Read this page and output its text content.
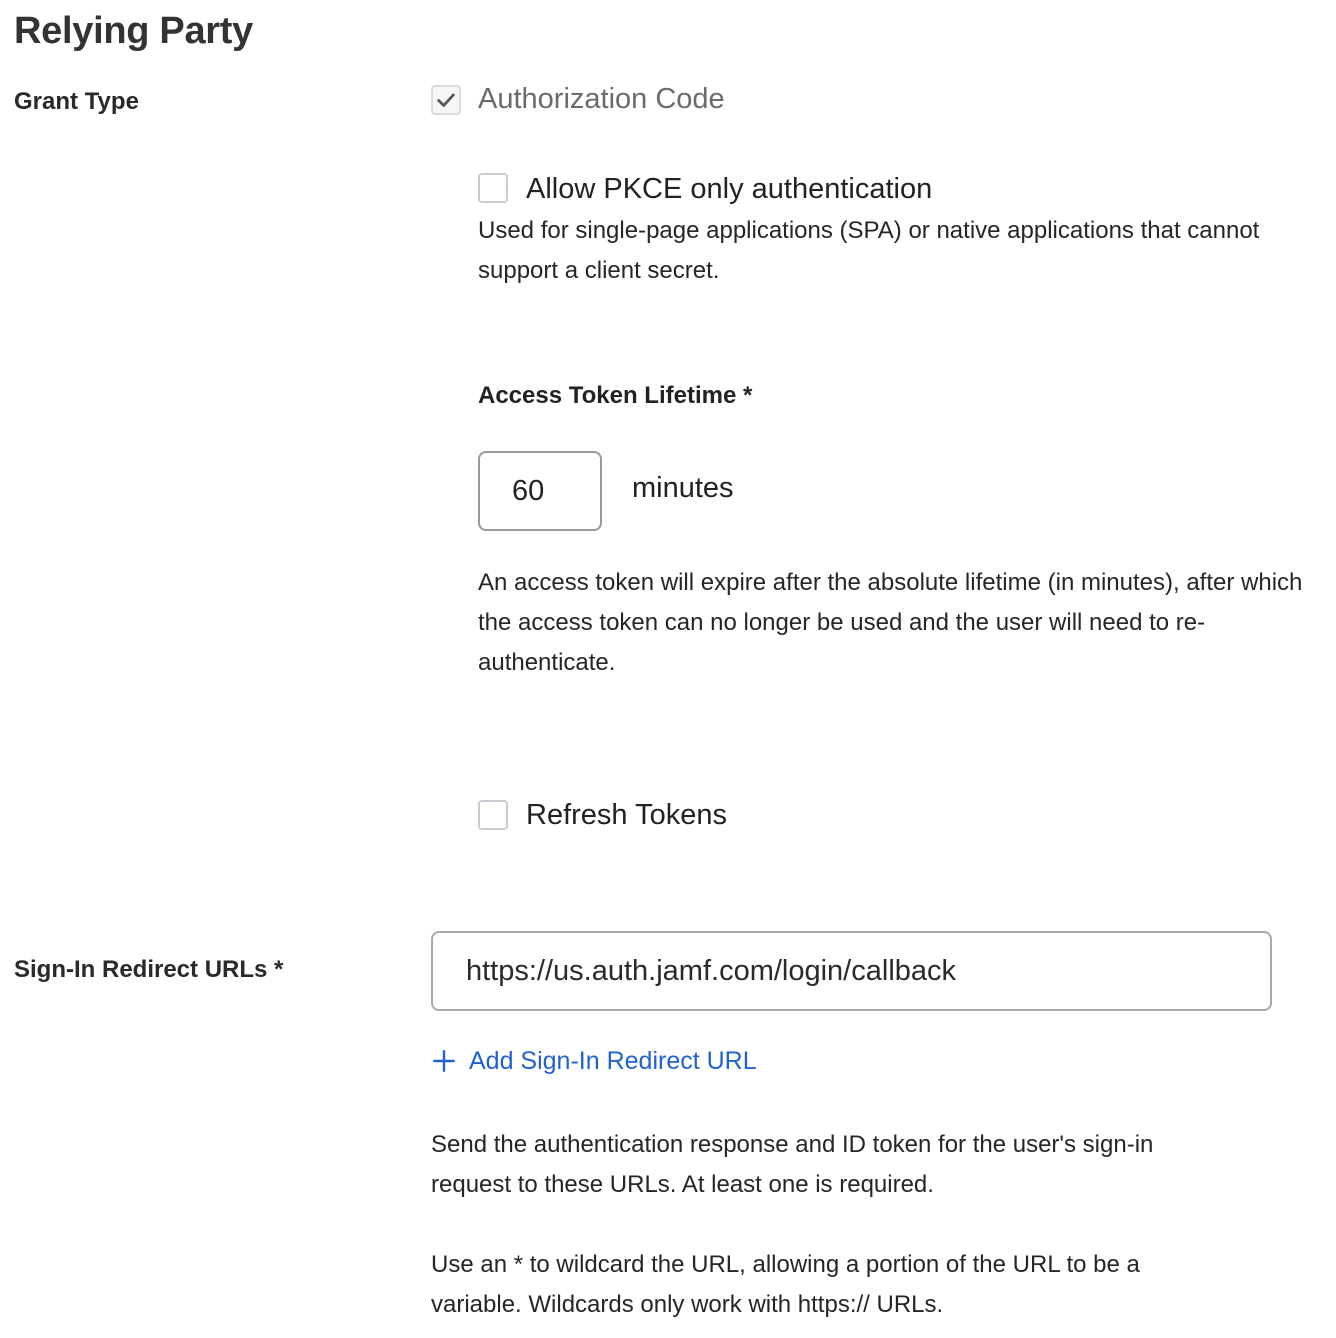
Relying Party
Grant Type	Authorization Code
Allow PKCE only authentication
Used for single-page applications (SPA) or native applications that cannot support a client secret.
Access Token Lifetime *
60
minutes
An access token will expire after the absolute lifetime (in minutes), after which the access token can no longer be used and the user will need to re-authenticate.
Refresh Tokens
Sign-In Redirect URLs *
https://us.auth.jamf.com/login/callback
Add Sign-In Redirect URL
Send the authentication response and ID token for the user's sign-in request to these URLs. At least one is required.
Use an * to wildcard the URL, allowing a portion of the URL to be a variable. Wildcards only work with https:// URLs.
